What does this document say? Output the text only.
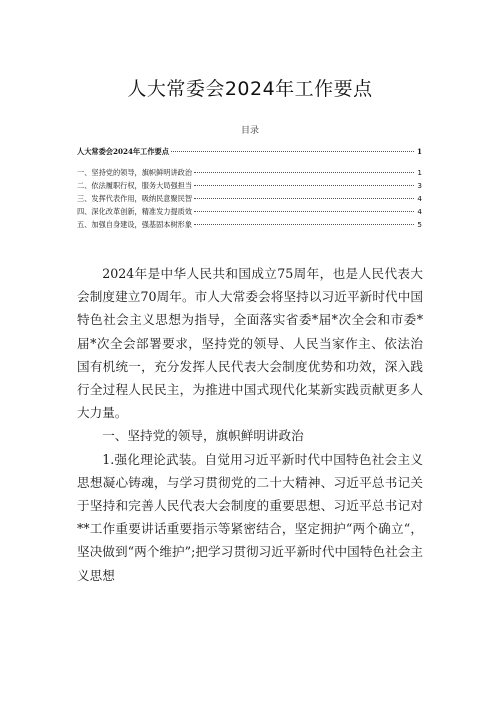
人大常委会2024年工作要点
目录
人大常委会2024年工作要点	1
一、坚持党的领导，旗帜鲜明讲政治	1
二、依法履职行权，服务大局强担当	3
三、发挥代表作用，吸纳民意聚民智	4
四、深化改革创新，精准发力提质效	4
五、加强自身建设，强基固本树形象	5

2024年是中华人民共和国成立75周年，也是人民代表大会制度建立70周年。市人大常委会将坚持以习近平新时代中国特色社会主义思想为指导，全面落实省委*届*次全会和市委*届*次全会部署要求，坚持党的领导、人民当家作主、依法治国有机统一，充分发挥人民代表大会制度优势和功效，深入践行全过程人民民主，为推进中国式现代化某新实践贡献更多人大力量。

一、坚持党的领导，旗帜鲜明讲政治

1.强化理论武装。自觉用习近平新时代中国特色社会主义思想凝心铸魂，与学习贯彻党的二十大精神、习近平总书记关于坚持和完善人民代表大会制度的重要思想、习近平总书记对**工作重要讲话重要指示等紧密结合，坚定拥护“两个确立“，坚决做到“两个维护”;把学习贯彻习近平新时代中国特色社会主义思想
